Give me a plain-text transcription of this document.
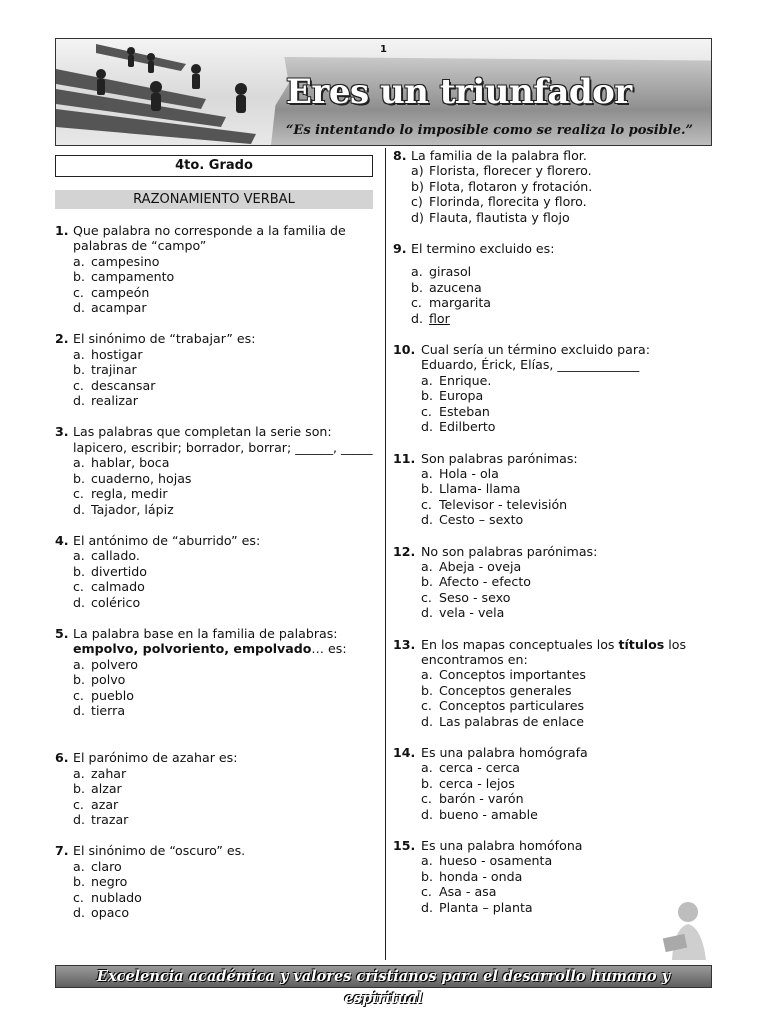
1
Eres un triunfador
“Es intentando lo imposible como se realiza lo posible.”
4to. Grado
RAZONAMIENTO VERBAL
1. Que palabra no corresponde a la familia de palabras de “campo”
a. campesino
b. campamento
c. campeón
d. acampar
2. El sinónimo de “trabajar” es:
a. hostigar
b. trajinar
c. descansar
d. realizar
3. Las palabras que completan la serie son: lapicero, escribir; borrador, borrar; ______, _____
a. hablar, boca
b. cuaderno, hojas
c. regla, medir
d. Tajador, lápiz
4. El antónimo de “aburrido” es:
a. callado.
b. divertido
c. calmado
d. colérico
5. La palabra base en la familia de palabras: empolvo, polvoriento, empolvado… es:
a. polvero
b. polvo
c. pueblo
d. tierra
6. El parónimo de azahar es:
a. zahar
b. alzar
c. azar
d. trazar
7. El sinónimo de “oscuro” es.
a. claro
b. negro
c. nublado
d. opaco
8. La familia de la palabra flor.
a) Florista, florecer y florero.
b) Flota, flotaron y frotación.
c) Florinda, florecita y floro.
d) Flauta, flautista y flojo
9. El termino excluido es:
a. girasol
b. azucena
c. margarita
d. flor
10. Cual sería un término excluido para:
Eduardo, Érick, Elías, _____________
a. Enrique.
b. Europa
c. Esteban
d. Edilberto
11. Son palabras parónimas:
a. Hola - ola
b. Llama- llama
c. Televisor - televisión
d. Cesto – sexto
12. No son palabras parónimas:
a. Abeja - oveja
b. Afecto - efecto
c. Seso - sexo
d. vela - vela
13. En los mapas conceptuales los títulos los encontramos en:
a. Conceptos importantes
b. Conceptos generales
c. Conceptos particulares
d. Las palabras de enlace
14. Es una palabra homógrafa
a. cerca - cerca
b. cerca - lejos
c. barón - varón
d. bueno - amable
15. Es una palabra homófona
a. hueso - osamenta
b. honda - onda
c. Asa - asa
d. Planta – planta
Excelencia académica y valores cristianos para el desarrollo humano y espiritual
